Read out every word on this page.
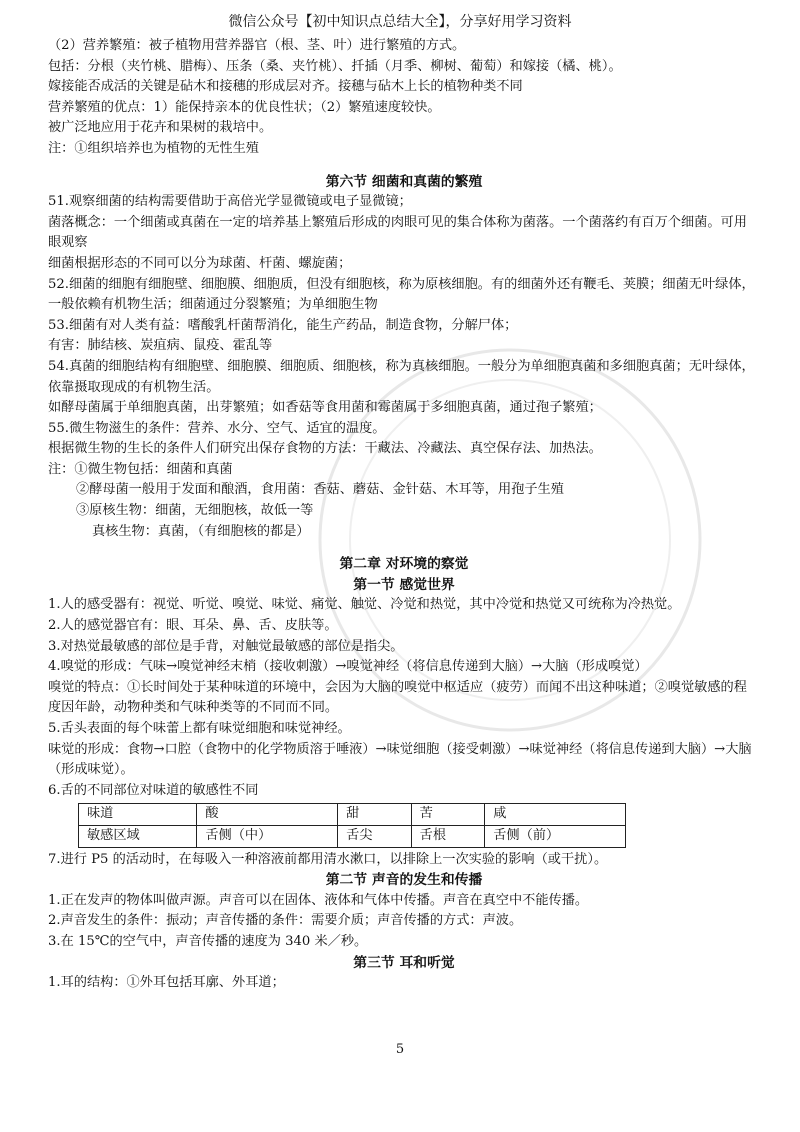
微信公众号【初中知识点总结大全】，分享好用学习资料
（2）营养繁殖：被子植物用营养器官（根、茎、叶）进行繁殖的方式。
包括：分根（夹竹桃、腊梅）、压条（桑、夹竹桃）、扦插（月季、柳树、葡萄）和嫁接（橘、桃）。
嫁接能否成活的关键是砧木和接穗的形成层对齐。接穗与砧木上长的植物种类不同
营养繁殖的优点：1）能保持亲本的优良性状；（2）繁殖速度较快。
被广泛地应用于花卉和果树的栽培中。
注：①组织培养也为植物的无性生殖
第六节 细菌和真菌的繁殖
51.观察细菌的结构需要借助于高倍光学显微镜或电子显微镜；
菌落概念：一个细菌或真菌在一定的培养基上繁殖后形成的肉眼可见的集合体称为菌落。一个菌落约有百万个细菌。可用眼观察
细菌根据形态的不同可以分为球菌、杆菌、螺旋菌；
52.细菌的细胞有细胞壁、细胞膜、细胞质，但没有细胞核，称为原核细胞。有的细菌外还有鞭毛、荚膜；细菌无叶绿体，一般依赖有机物生活；细菌通过分裂繁殖；为单细胞生物
53.细菌有对人类有益：嗜酸乳杆菌帮消化，能生产药品，制造食物，分解尸体；
有害：肺结核、炭疽病、鼠疫、霍乱等
54.真菌的细胞结构有细胞壁、细胞膜、细胞质、细胞核，称为真核细胞。一般分为单细胞真菌和多细胞真菌；无叶绿体，依靠摄取现成的有机物生活。
如酵母菌属于单细胞真菌，出芽繁殖；如香菇等食用菌和霉菌属于多细胞真菌，通过孢子繁殖；
55.微生物滋生的条件：营养、水分、空气、适宜的温度。
根据微生物的生长的条件人们研究出保存食物的方法：干藏法、冷藏法、真空保存法、加热法。
注：①微生物包括：细菌和真菌
②酵母菌一般用于发面和酿酒，食用菌：香菇、蘑菇、金针菇、木耳等，用孢子生殖
③原核生物：细菌，无细胞核，故低一等
真核生物：真菌，（有细胞核的都是）
第二章 对环境的察觉
第一节 感觉世界
1.人的感受器有：视觉、听觉、嗅觉、味觉、痛觉、触觉、冷觉和热觉，其中冷觉和热觉又可统称为冷热觉。
2.人的感觉器官有：眼、耳朵、鼻、舌、皮肤等。
3.对热觉最敏感的部位是手背，对触觉最敏感的部位是指尖。
4.嗅觉的形成：气味→嗅觉神经末梢（接收刺激）→嗅觉神经（将信息传递到大脑）→大脑（形成嗅觉）
嗅觉的特点：①长时间处于某种味道的环境中，会因为大脑的嗅觉中枢适应（疲劳）而闻不出这种味道；②嗅觉敏感的程度因年龄，动物种类和气味种类等的不同而不同。
5.舌头表面的每个味蕾上都有味觉细胞和味觉神经。
味觉的形成：食物→口腔（食物中的化学物质溶于唾液）→味觉细胞（接受刺激）→味觉神经（将信息传递到大脑）→大脑（形成味觉）。
6.舌的不同部位对味道的敏感性不同
味道	酸	甜	苦	咸
敏感区域	舌侧（中）	舌尖	舌根	舌侧（前）
7.进行 P5 的活动时，在每吸入一种溶液前都用清水漱口，以排除上一次实验的影响（或干扰）。
第二节 声音的发生和传播
1.正在发声的物体叫做声源。声音可以在固体、液体和气体中传播。声音在真空中不能传播。
2.声音发生的条件：振动；声音传播的条件：需要介质；声音传播的方式：声波。
3.在 15℃的空气中，声音传播的速度为 340 米／秒。
第三节 耳和听觉
1.耳的结构：①外耳包括耳廓、外耳道；
5
